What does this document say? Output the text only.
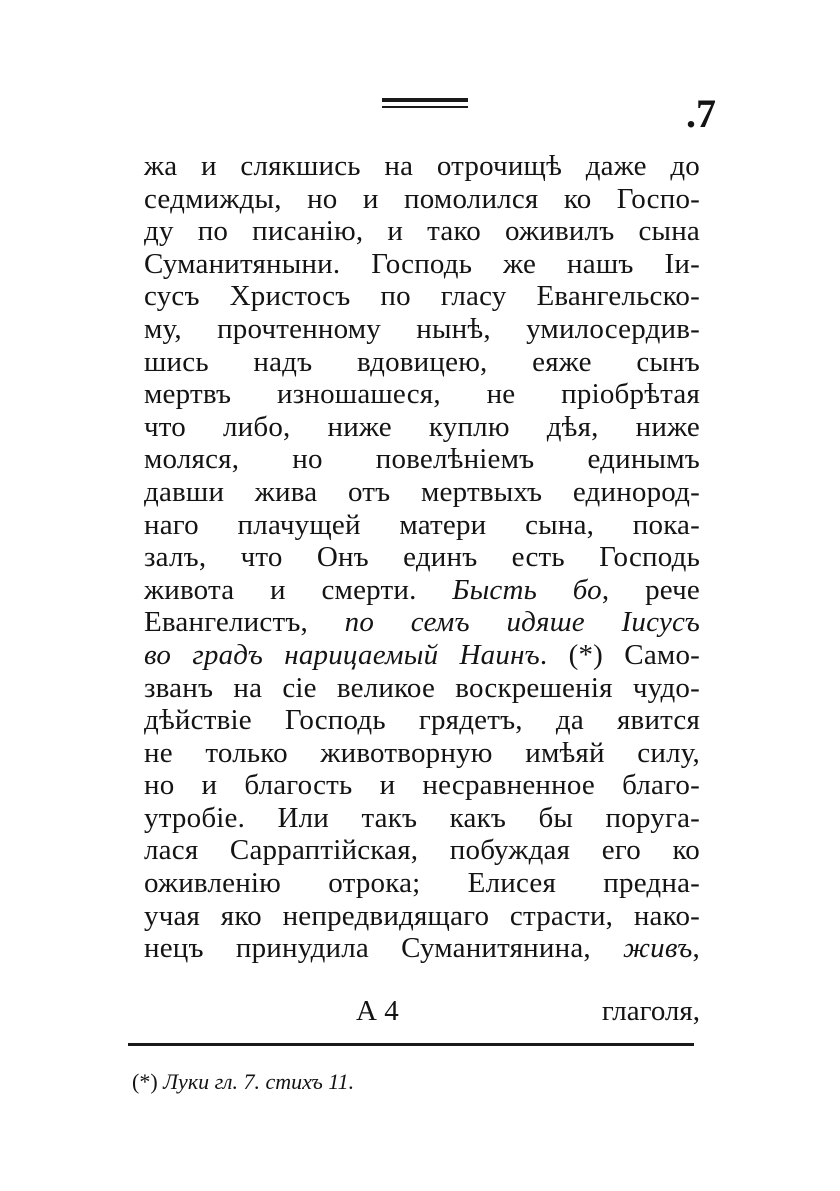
.7
жа и слякшись на отрочищѣ даже до
седмижды, но и помолился ко Госпо-
ду по писанію, и тако оживилъ сына
Суманитяныни. Господь же нашъ Іи-
сусъ Христосъ по гласу Евангельско-
му, прочтенному нынѣ, умилосердив-
шись надъ вдовицею, еяже сынъ
мертвъ изношашеся, не пріобрѣтая
что либо, ниже куплю дѣя, ниже
моляся, но повелѣніемъ единымъ
давши жива отъ мертвыхъ единород-
наго плачущей матери сына, пока-
залъ, что Онъ единъ есть Господь
живота и смерти. Бысть бо, рече
Евангелистъ, по семъ идяше Іисусъ
во градъ нарицаемый Наинъ. (*) Само-
званъ на сіе великое воскрешенія чудо-
дѣйствіе Господь грядетъ, да явится
не только животворную имѣяй силу,
но и благость и несравненное благо-
утробіе. Или такъ какъ бы поруга-
лася Сарраптійская, побуждая его ко
оживленію отрока; Елисея предна-
учая яко непредвидящаго страсти, нако-
нецъ принудила Суманитянина, живъ,
А 4	глаголя,
(*) Луки гл. 7. стихъ 11.
